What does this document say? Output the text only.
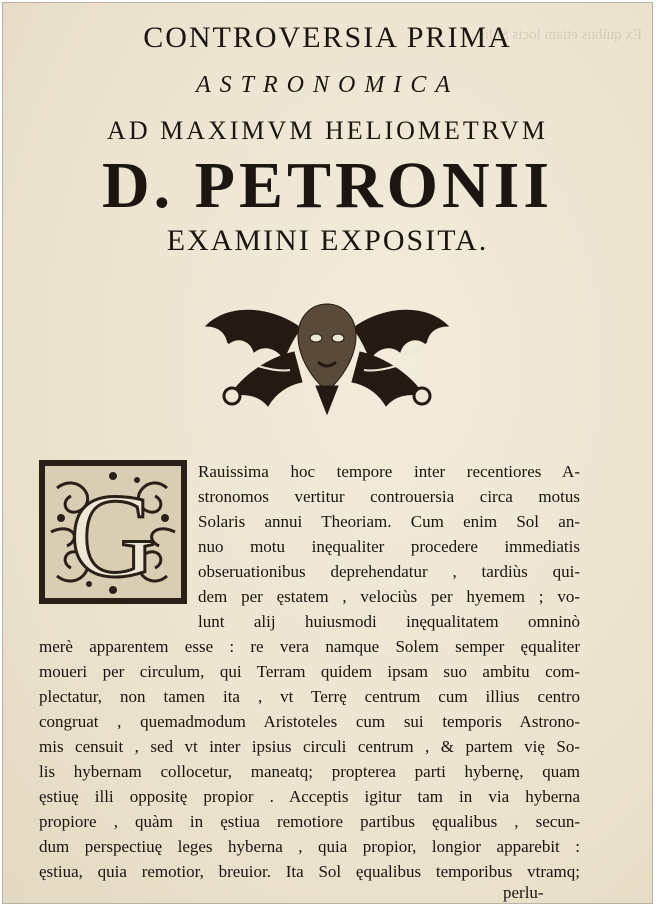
Ex quibus etiam locis Solis ...
CONTROVERSIA PRIMA
ASTRONOMICA
AD MAXIMVM HELIOMETRVM
D. PETRONII
EXAMINI EXPOSITA.
G Rauissima hoc tempore inter recentiores A-
stronomos vertitur controuersia circa motus
Solaris annui Theoriam. Cum enim Sol an-
nuo motu inęqualiter procedere immediatis
obseruationibus deprehendatur , tardiùs qui-
dem per ęstatem , velociùs per hyemem ; vo-
lunt alij huiusmodi inęqualitatem omninò
merè apparentem esse : re vera namque Solem semper ęqualiter
moueri per circulum, qui Terram quidem ipsam suo ambitu com-
plectatur, non tamen ita , vt Terrę centrum cum illius centro
congruat , quemadmodum Aristoteles cum sui temporis Astrono-
mis censuit , sed vt inter ipsius circuli centrum , & partem vię So-
lis hybernam collocetur, maneatq; propterea parti hybernę, quam
ęstiuę illi oppositę propior . Acceptis igitur tam in via hyberna
propiore , quàm in ęstiua remotiore partibus ęqualibus , secun-
dum perspectiuę leges hyberna , quia propior, longior apparebit :
ęstiua, quia remotior, breuior. Ita Sol ęqualibus temporibus vtramq;
perlu-
